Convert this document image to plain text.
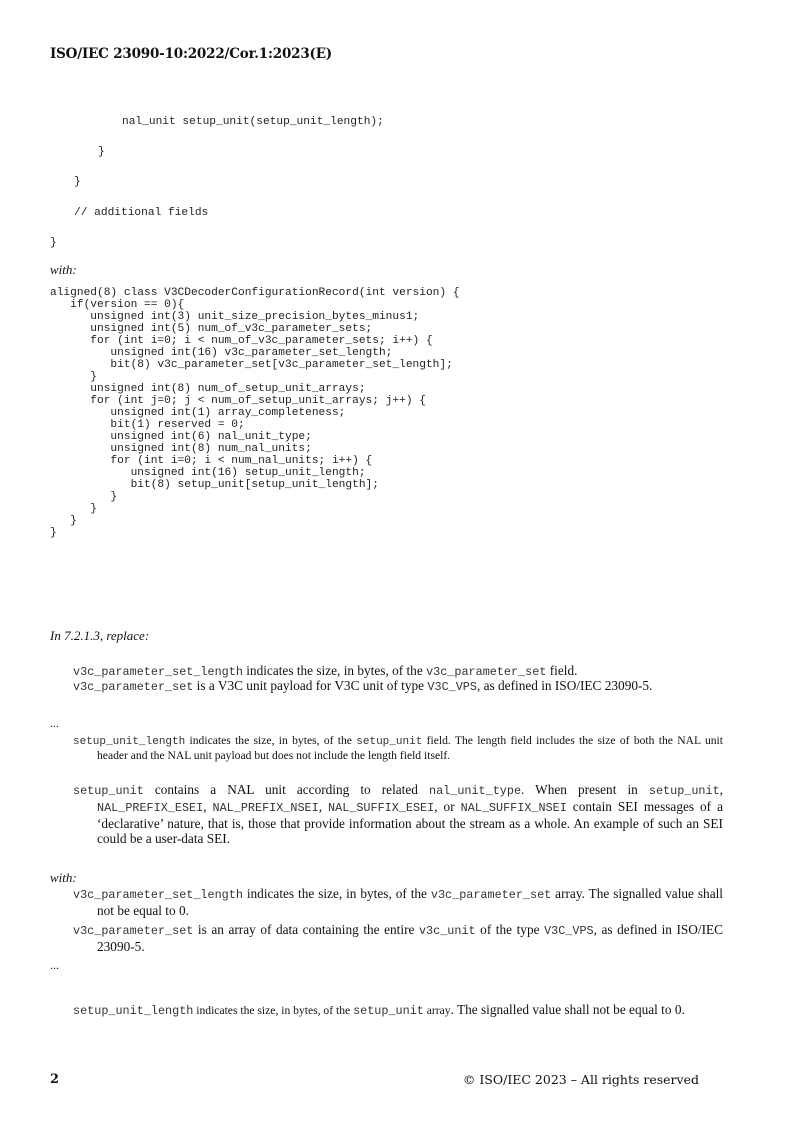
ISO/IEC 23090-10:2022/Cor.1:2023(E)
nal_unit setup_unit(setup_unit_length);
}
}
// additional fields
}
with:
aligned(8) class V3CDecoderConfigurationRecord(int version) {
if(version == 0){
unsigned int(3) unit_size_precision_bytes_minus1;
unsigned int(5) num_of_v3c_parameter_sets;
for (int i=0; i < num_of_v3c_parameter_sets; i++) {
unsigned int(16) v3c_parameter_set_length;
bit(8) v3c_parameter_set[v3c_parameter_set_length];
}
unsigned int(8) num_of_setup_unit_arrays;
for (int j=0; j < num_of_setup_unit_arrays; j++) {
unsigned int(1) array_completeness;
bit(1) reserved = 0;
unsigned int(6) nal_unit_type;
unsigned int(8) num_nal_units;
for (int i=0; i < num_nal_units; i++) {
unsigned int(16) setup_unit_length;
bit(8) setup_unit[setup_unit_length];
}
}
}
}
In 7.2.1.3, replace:
v3c_parameter_set_length indicates the size, in bytes, of the v3c_parameter_set field.
v3c_parameter_set is a V3C unit payload for V3C unit of type V3C_VPS, as defined in ISO/IEC 23090-5.
...
setup_unit_length indicates the size, in bytes, of the setup_unit field. The length field includes the size of both the NAL unit header and the NAL unit payload but does not include the length field itself.
setup_unit contains a NAL unit according to related nal_unit_type. When present in setup_unit, NAL_PREFIX_ESEI, NAL_PREFIX_NSEI, NAL_SUFFIX_ESEI, or NAL_SUFFIX_NSEI contain SEI messages of a ‘declarative’ nature, that is, those that provide information about the stream as a whole. An example of such an SEI could be a user-data SEI.
with:
v3c_parameter_set_length indicates the size, in bytes, of the v3c_parameter_set array. The signalled value shall not be equal to 0.
v3c_parameter_set is an array of data containing the entire v3c_unit of the type V3C_VPS, as defined in ISO/IEC 23090-5.
...
setup_unit_length indicates the size, in bytes, of the setup_unit array. The signalled value shall not be equal to 0.
2	© ISO/IEC 2023 – All rights reserved
